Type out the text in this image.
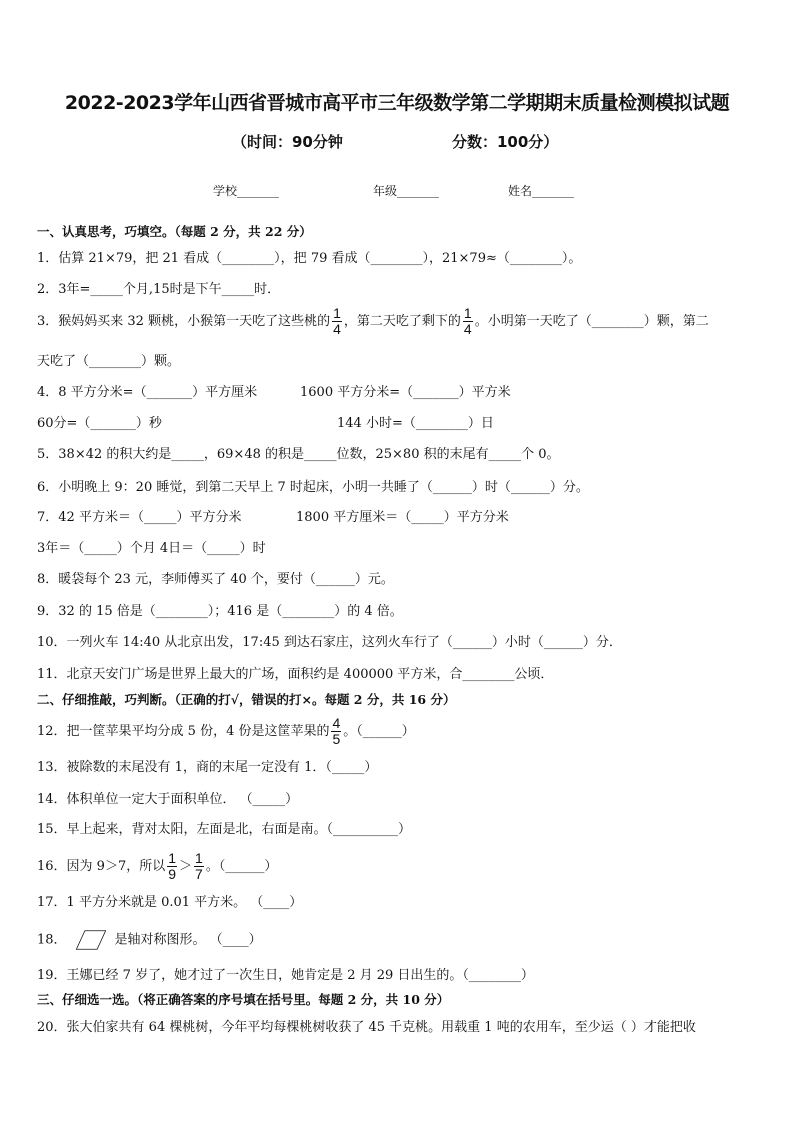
2022-2023学年山西省晋城市高平市三年级数学第二学期期末质量检测模拟试题
（时间：90分钟	分数：100分）
学校_______	年级_______	姓名_______
一、认真思考，巧填空。（每题 2 分，共 22 分）
1．估算 21×79，把 21 看成（________），把 79 看成（________），21×79≈（________）。
2．3年=_____个月,15时是下午_____时．
3．猴妈妈买来 32 颗桃，小猴第一天吃了这些桃的 $\frac{1}{4}$ ，第二天吃了剩下的 $\frac{1}{4}$ 。小明第一天吃了（________）颗，第二
天吃了（________）颗。
4．8 平方分米=（_______）平方厘米	1600 平方分米=（_______）平方米
60分=（_______）秒	144 小时=（________）日
5．38×42 的积大约是_____，69×48 的积是_____位数，25×80 积的末尾有_____个 0。
6．小明晚上 9：20 睡觉，到第二天早上 7 时起床，小明一共睡了（______）时（______）分。
7．42 平方米＝（_____）平方分米	1800 平方厘米＝（_____）平方分米
3年＝（_____）个月 4日＝（_____）时
8．暖袋每个 23 元，李师傅买了 40 个，要付（______）元。
9．32 的 15 倍是（________）；416 是（________）的 4 倍。
10．一列火车 14:40 从北京出发，17:45 到达石家庄，这列火车行了（______）小时（______）分．
11．北京天安门广场是世界上最大的广场，面积约是 400000 平方米，合________公顷．
二、仔细推敲，巧判断。（正确的打√，错误的打×。每题 2 分，共 16 分）
12．把一筐苹果平均分成 5 份，4 份是这筐苹果的 $\frac{4}{5}$ 。（______）
13．被除数的末尾没有 1，商的末尾一定没有 1．（_____）
14．体积单位一定大于面积单位． （_____）
15．早上起来，背对太阳，左面是北，右面是南。（__________）
16．因为 9＞7，所以 $\frac{1}{9} > \frac{1}{7}$ 。（______）
17．1 平方分米就是 0.01 平方米。 （____）
18．	是轴对称图形。 （____）
19．王娜已经 7 岁了，她才过了一次生日，她肯定是 2 月 29 日出生的。（________）
三、仔细选一选。（将正确答案的序号填在括号里。每题 2 分，共 10 分）
20．张大伯家共有 64 棵桃树，今年平均每棵桃树收获了 45 千克桃。用载重 1 吨的农用车，至少运（ ）才能把收
